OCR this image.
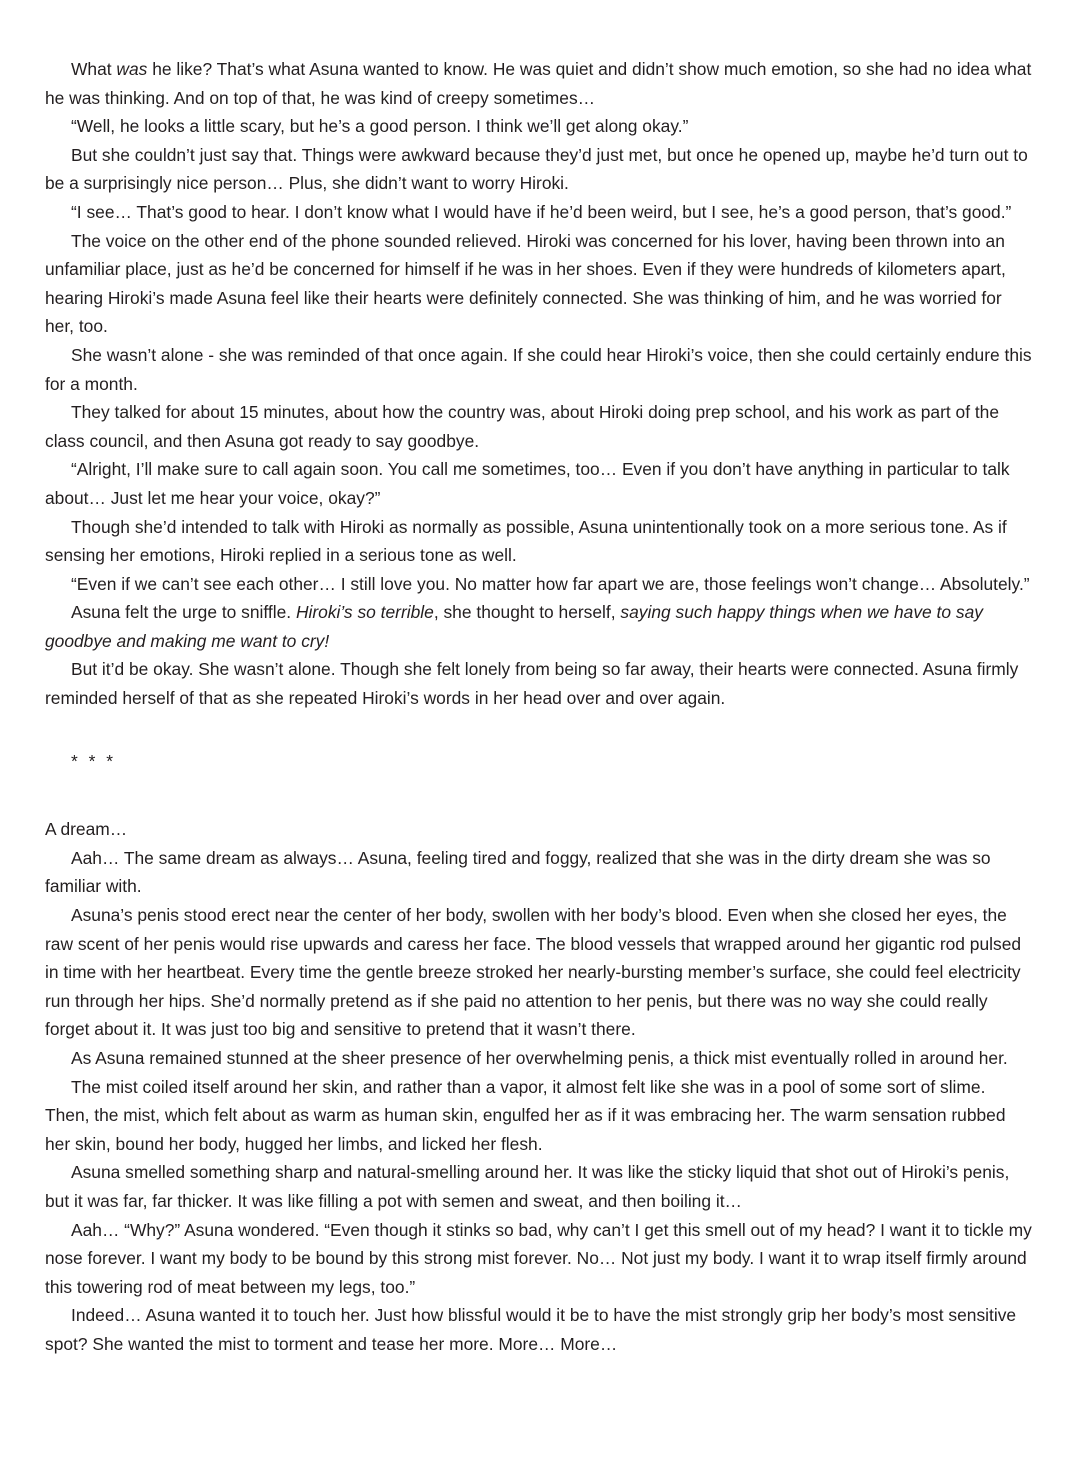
What was he like? That’s what Asuna wanted to know. He was quiet and didn’t show much emotion, so she had no idea what he was thinking. And on top of that, he was kind of creepy sometimes…

“Well, he looks a little scary, but he’s a good person. I think we’ll get along okay.”

But she couldn’t just say that. Things were awkward because they’d just met, but once he opened up, maybe he’d turn out to be a surprisingly nice person… Plus, she didn’t want to worry Hiroki.

“I see… That’s good to hear. I don’t know what I would have if he’d been weird, but I see, he’s a good person, that’s good.”

The voice on the other end of the phone sounded relieved. Hiroki was concerned for his lover, having been thrown into an unfamiliar place, just as he’d be concerned for himself if he was in her shoes. Even if they were hundreds of kilometers apart, hearing Hiroki’s made Asuna feel like their hearts were definitely connected. She was thinking of him, and he was worried for her, too.

She wasn’t alone - she was reminded of that once again. If she could hear Hiroki’s voice, then she could certainly endure this for a month.

They talked for about 15 minutes, about how the country was, about Hiroki doing prep school, and his work as part of the class council, and then Asuna got ready to say goodbye.

“Alright, I’ll make sure to call again soon. You call me sometimes, too… Even if you don’t have anything in particular to talk about… Just let me hear your voice, okay?”

Though she’d intended to talk with Hiroki as normally as possible, Asuna unintentionally took on a more serious tone. As if sensing her emotions, Hiroki replied in a serious tone as well.

“Even if we can’t see each other… I still love you. No matter how far apart we are, those feelings won’t change… Absolutely.”

Asuna felt the urge to sniffle. Hiroki’s so terrible, she thought to herself, saying such happy things when we have to say goodbye and making me want to cry!

But it’d be okay. She wasn’t alone. Though she felt lonely from being so far away, their hearts were connected. Asuna firmly reminded herself of that as she repeated Hiroki’s words in her head over and over again.

* * *

A dream…

Aah… The same dream as always… Asuna, feeling tired and foggy, realized that she was in the dirty dream she was so familiar with.

Asuna’s penis stood erect near the center of her body, swollen with her body’s blood. Even when she closed her eyes, the raw scent of her penis would rise upwards and caress her face. The blood vessels that wrapped around her gigantic rod pulsed in time with her heartbeat. Every time the gentle breeze stroked her nearly-bursting member’s surface, she could feel electricity run through her hips. She’d normally pretend as if she paid no attention to her penis, but there was no way she could really forget about it. It was just too big and sensitive to pretend that it wasn’t there.

As Asuna remained stunned at the sheer presence of her overwhelming penis, a thick mist eventually rolled in around her.

The mist coiled itself around her skin, and rather than a vapor, it almost felt like she was in a pool of some sort of slime. Then, the mist, which felt about as warm as human skin, engulfed her as if it was embracing her. The warm sensation rubbed her skin, bound her body, hugged her limbs, and licked her flesh.

Asuna smelled something sharp and natural-smelling around her. It was like the sticky liquid that shot out of Hiroki’s penis, but it was far, far thicker. It was like filling a pot with semen and sweat, and then boiling it…

Aah… “Why?” Asuna wondered. “Even though it stinks so bad, why can’t I get this smell out of my head? I want it to tickle my nose forever. I want my body to be bound by this strong mist forever. No… Not just my body. I want it to wrap itself firmly around this towering rod of meat between my legs, too.”

Indeed… Asuna wanted it to touch her. Just how blissful would it be to have the mist strongly grip her body’s most sensitive spot? She wanted the mist to torment and tease her more. More… More…
